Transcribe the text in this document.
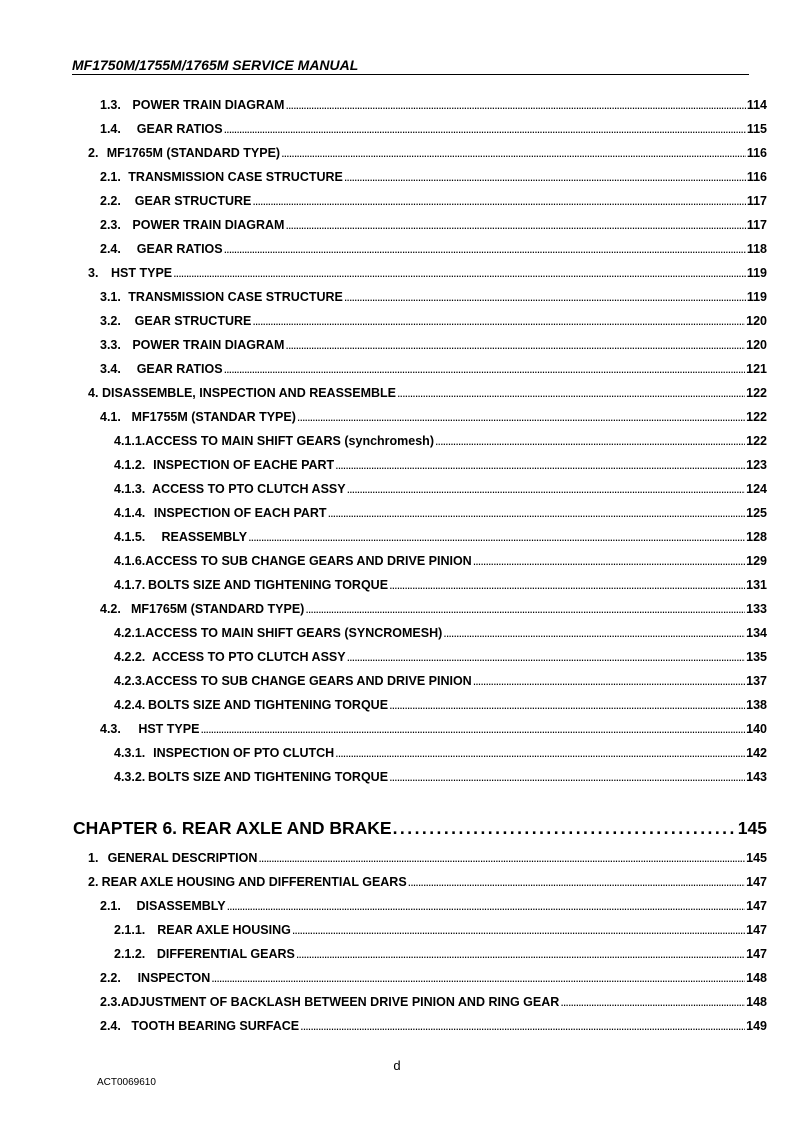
MF1750M/1755M/1765M SERVICE MANUAL
1.3. POWER TRAIN DIAGRAM . . .	114
1.4.	GEAR RATIOS . . .	115
2. MF1765M (STANDARD TYPE) . . .	116
2.1. TRANSMISSION CASE STRUCTURE . . .	116
2.2.	GEAR STRUCTURE . . .	117
2.3. POWER TRAIN DIAGRAM . . .	117
2.4.	GEAR RATIOS . . .	118
3.	HST TYPE . . .	119
3.1. TRANSMISSION CASE STRUCTURE . . .	119
3.2.	GEAR STRUCTURE . . .	120
3.3. POWER TRAIN DIAGRAM . . .	120
3.4.	GEAR RATIOS . . .	121
4. DISASSEMBLE, INSPECTION AND REASSEMBLE . . .	122
4.1. MF1755M (STANDAR TYPE) . . .	122
4.1.1. ACCESS TO MAIN SHIFT GEARS (synchromesh) . . .	122
4.1.2. INSPECTION OF EACHE PART . . .	123
4.1.3. ACCESS TO PTO CLUTCH ASSY . . .	124
4.1.4. INSPECTION OF EACH PART . . .	125
4.1.5.	REASSEMBLY . . .	128
4.1.6. ACCESS TO SUB CHANGE GEARS AND DRIVE PINION . . .	129
4.1.7. BOLTS SIZE AND TIGHTENING TORQUE . . .	131
4.2. MF1765M (STANDARD TYPE) . . .	133
4.2.1. ACCESS TO MAIN SHIFT GEARS (SYNCROMESH) . . .	134
4.2.2. ACCESS TO PTO CLUTCH ASSY . . .	135
4.2.3. ACCESS TO SUB CHANGE GEARS AND DRIVE PINION . . .	137
4.2.4. BOLTS SIZE AND TIGHTENING TORQUE . . .	138
4.3.	HST TYPE . . .	140
4.3.1. INSPECTION OF PTO CLUTCH . . .	142
4.3.2. BOLTS SIZE AND TIGHTENING TORQUE . . .	143
CHAPTER 6. REAR AXLE AND BRAKE . . .	145
1. GENERAL DESCRIPTION . . .	145
2. REAR AXLE HOUSING AND DIFFERENTIAL GEARS . . .	147
2.1.	DISASSEMBLY . . .	147
2.1.1. REAR AXLE HOUSING . . .	147
2.1.2. DIFFERENTIAL GEARS . . .	147
2.2.	INSPECTON . . .	148
2.3. ADJUSTMENT OF BACKLASH BETWEEN DRIVE PINION AND RING GEAR . . .	148
2.4. TOOTH BEARING SURFACE . . .	149
d
ACT0069610
